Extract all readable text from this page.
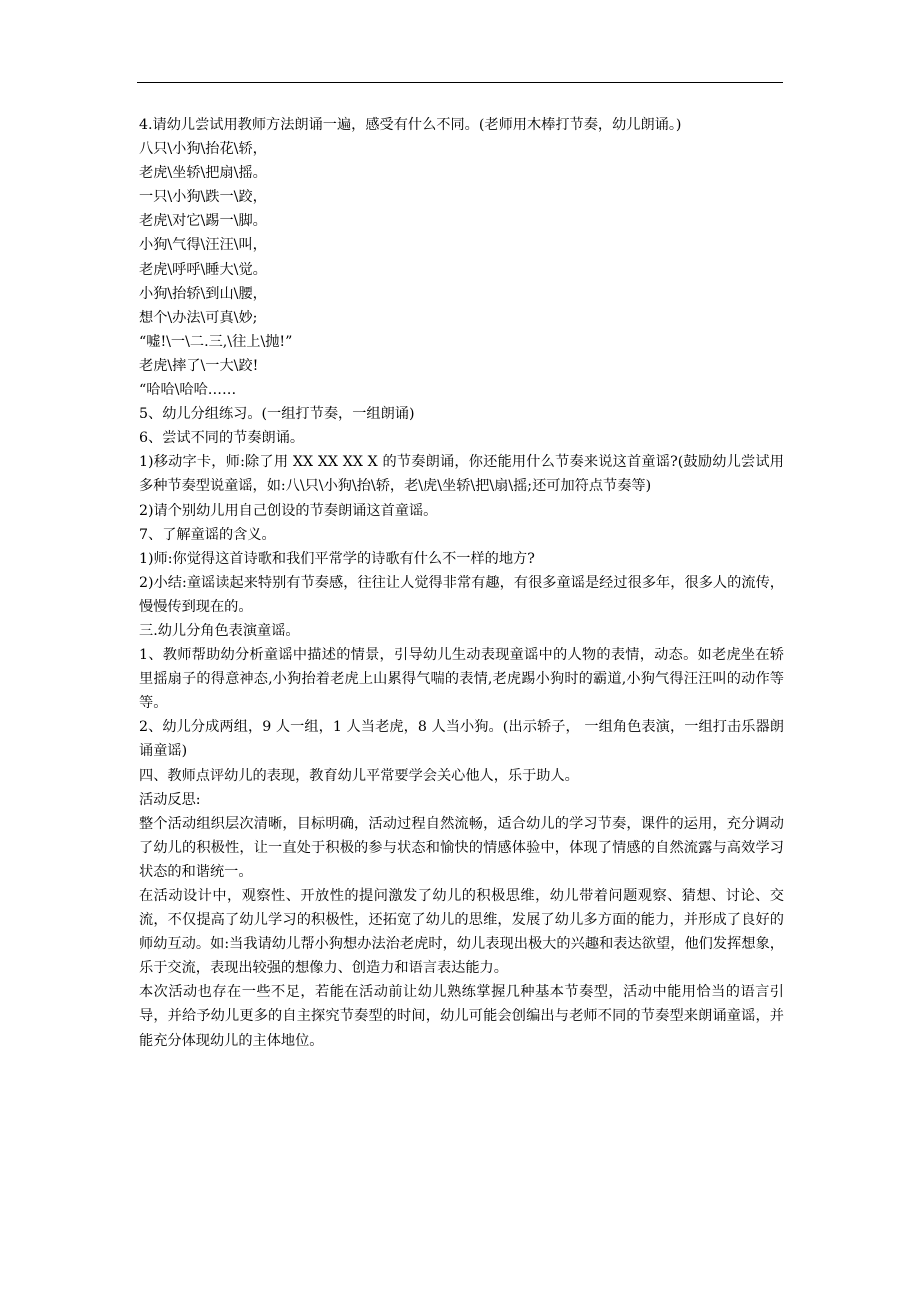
4.请幼儿尝试用教师方法朗诵一遍，感受有什么不同。(老师用木棒打节奏，幼儿朗诵。)

八只\小狗\抬花\轿，

老虎\坐轿\把扇\摇。

一只\小狗\跌一\跤，

老虎\对它\踢一\脚。

小狗\气得\汪汪\叫，

老虎\呼呼\睡大\觉。

小狗\抬轿\到山\腰，

想个\办法\可真\妙;

“嘘!\一\二.三,\往上\抛!”

老虎\摔了\一大\跤!

“哈哈\哈哈……

5、幼儿分组练习。(一组打节奏，一组朗诵)

6、尝试不同的节奏朗诵。

1)移动字卡，师:除了用 XX XX XX X 的节奏朗诵，你还能用什么节奏来说这首童谣?(鼓励幼儿尝试用多种节奏型说童谣，如:八\只\小狗\抬\轿，老\虎\坐轿\把\扇\摇;还可加符点节奏等)

2)请个别幼儿用自己创设的节奏朗诵这首童谣。

7、了解童谣的含义。

1)师:你觉得这首诗歌和我们平常学的诗歌有什么不一样的地方?

2)小结:童谣读起来特别有节奏感，往往让人觉得非常有趣，有很多童谣是经过很多年，很多人的流传，慢慢传到现在的。

三.幼儿分角色表演童谣。

1、教师帮助幼分析童谣中描述的情景，引导幼儿生动表现童谣中的人物的表情，动态。如老虎坐在轿里摇扇子的得意神态,小狗抬着老虎上山累得气喘的表情,老虎踢小狗时的霸道,小狗气得汪汪叫的动作等等。

2、幼儿分成两组，9 人一组，1 人当老虎，8 人当小狗。(出示轿子， 一组角色表演，一组打击乐器朗诵童谣)

四、教师点评幼儿的表现，教育幼儿平常要学会关心他人，乐于助人。

活动反思:

整个活动组织层次清晰，目标明确，活动过程自然流畅，适合幼儿的学习节奏，课件的运用，充分调动了幼儿的积极性，让一直处于积极的参与状态和愉快的情感体验中，体现了情感的自然流露与高效学习状态的和谐统一。

在活动设计中，观察性、开放性的提问激发了幼儿的积极思维，幼儿带着问题观察、猜想、讨论、交流，不仅提高了幼儿学习的积极性，还拓宽了幼儿的思维，发展了幼儿多方面的能力，并形成了良好的师幼互动。如:当我请幼儿帮小狗想办法治老虎时，幼儿表现出极大的兴趣和表达欲望，他们发挥想象，乐于交流，表现出较强的想像力、创造力和语言表达能力。

本次活动也存在一些不足，若能在活动前让幼儿熟练掌握几种基本节奏型，活动中能用恰当的语言引导，并给予幼儿更多的自主探究节奏型的时间，幼儿可能会创编出与老师不同的节奏型来朗诵童谣，并能充分体现幼儿的主体地位。
